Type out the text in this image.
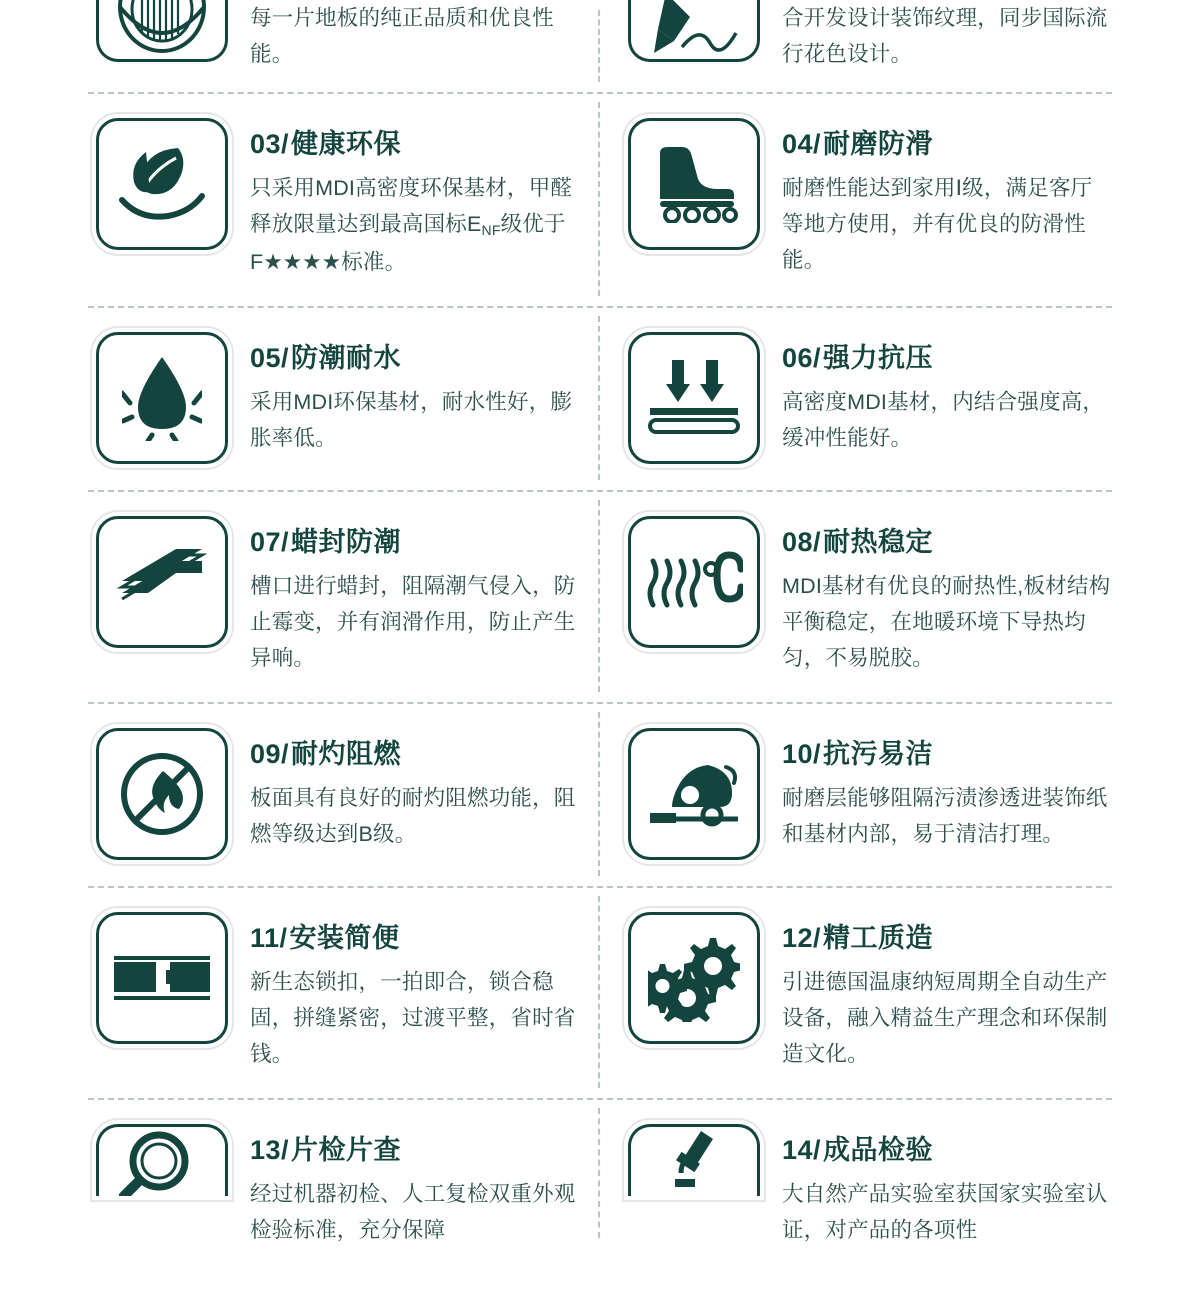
每一片地板的纯正品质和优良性能。
合开发设计装饰纹理，同步国际流行花色设计。
03/健康环保
只采用MDI高密度环保基材，甲醛释放限量达到最高国标$E_{NF}$级优于F★★★★标准。
04/耐磨防滑
耐磨性能达到家用Ⅰ级，满足客厅等地方使用，并有优良的防滑性能。
05/防潮耐水
采用MDI环保基材，耐水性好，膨胀率低。
06/强力抗压
高密度MDI基材，内结合强度高，缓冲性能好。
07/蜡封防潮
槽口进行蜡封，阻隔潮气侵入，防止霉变，并有润滑作用，防止产生异响。
08/耐热稳定
MDI基材有优良的耐热性,板材结构平衡稳定，在地暖环境下导热均匀，不易脱胶。
09/耐灼阻燃
板面具有良好的耐灼阻燃功能，阻燃等级达到B级。
10/抗污易洁
耐磨层能够阻隔污渍渗透进装饰纸和基材内部，易于清洁打理。
11/安装简便
新生态锁扣，一拍即合，锁合稳固，拼缝紧密，过渡平整，省时省钱。
12/精工质造
引进德国温康纳短周期全自动生产设备，融入精益生产理念和环保制造文化。
13/片检片查
经过机器初检、人工复检双重外观检验标准，充分保障
14/成品检验
大自然产品实验室获国家实验室认证，对产品的各项性
